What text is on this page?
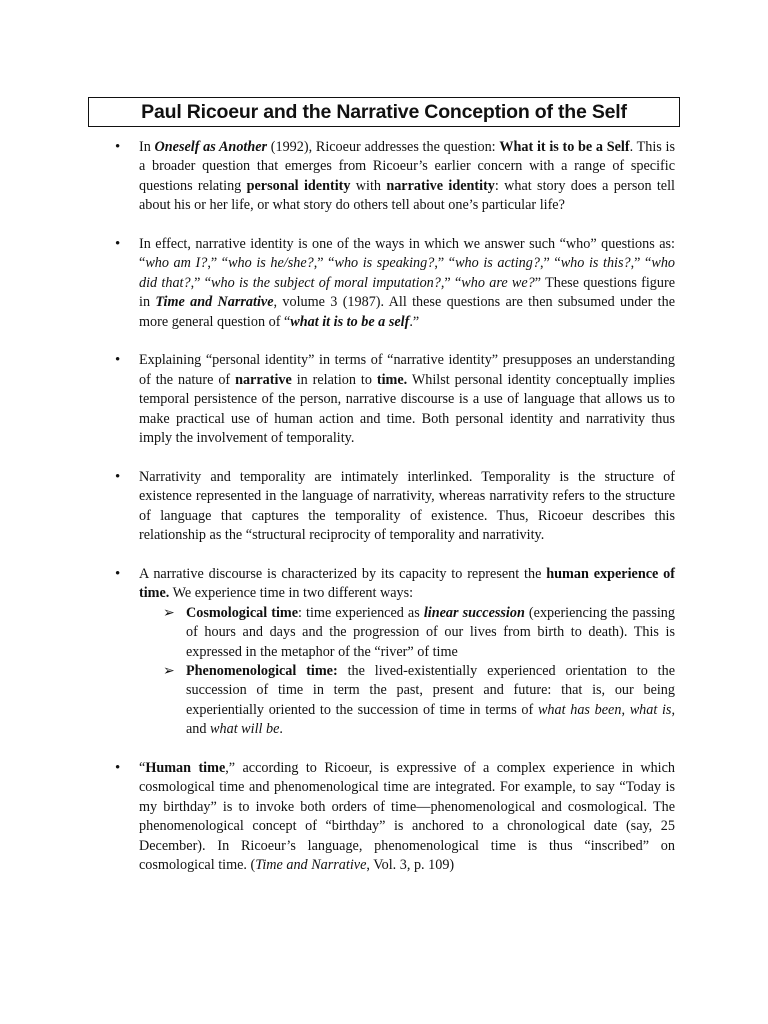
Paul Ricoeur and the Narrative Conception of the Self
• In Oneself as Another (1992), Ricoeur addresses the question: What it is to be a Self. This is a broader question that emerges from Ricoeur’s earlier concern with a range of specific questions relating personal identity with narrative identity: what story does a person tell about his or her life, or what story do others tell about one’s particular life?
• In effect, narrative identity is one of the ways in which we answer such “who” questions as: “who am I?,” “who is he/she?,” “who is speaking?,” “who is acting?,” “who is this?,” “who did that?,” “who is the subject of moral imputation?,” “who are we?” These questions figure in Time and Narrative, volume 3 (1987). All these questions are then subsumed under the more general question of “what it is to be a self.”
• Explaining “personal identity” in terms of “narrative identity” presupposes an understanding of the nature of narrative in relation to time. Whilst personal identity conceptually implies temporal persistence of the person, narrative discourse is a use of language that allows us to make practical use of human action and time. Both personal identity and narrativity thus imply the involvement of temporality.
• Narrativity and temporality are intimately interlinked. Temporality is the structure of existence represented in the language of narrativity, whereas narrativity refers to the structure of language that captures the temporality of existence. Thus, Ricoeur describes this relationship as the “structural reciprocity of temporality and narrativity.
• A narrative discourse is characterized by its capacity to represent the human experience of time. We experience time in two different ways:
➢ Cosmological time: time experienced as linear succession (experiencing the passing of hours and days and the progression of our lives from birth to death). This is expressed in the metaphor of the “river” of time
➢ Phenomenological time: the lived-existentially experienced orientation to the succession of time in term the past, present and future: that is, our being experientially oriented to the succession of time in terms of what has been, what is, and what will be.
• “Human time,” according to Ricoeur, is expressive of a complex experience in which cosmological time and phenomenological time are integrated. For example, to say “Today is my birthday” is to invoke both orders of time—phenomenological and cosmological. The phenomenological concept of “birthday” is anchored to a chronological date (say, 25 December). In Ricoeur’s language, phenomenological time is thus “inscribed” on cosmological time. (Time and Narrative, Vol. 3, p. 109)
